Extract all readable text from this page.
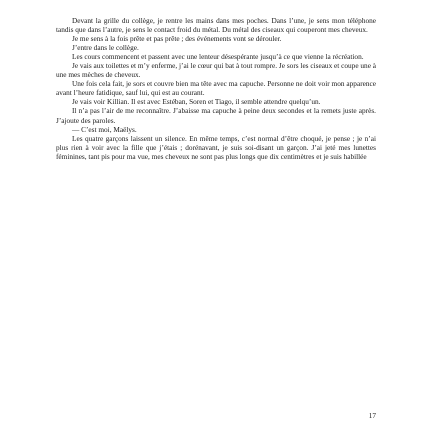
Devant la grille du collège, je rentre les mains dans mes poches. Dans l’une, je sens mon téléphone tandis que dans l’autre, je sens le contact froid du métal. Du métal des ciseaux qui couperont mes cheveux.

Je me sens à la fois prête et pas prête ; des événements vont se dérouler.

J’entre dans le collège.

Les cours commencent et passent avec une lenteur désespérante jusqu’à ce que vienne la récréation.

Je vais aux toilettes et m’y enferme, j’ai le cœur qui bat à tout rompre. Je sors les ciseaux et coupe une à une mes mèches de cheveux.

Une fois cela fait, je sors et couvre bien ma tête avec ma capuche. Personne ne doit voir mon apparence avant l’heure fatidique, sauf lui, qui est au courant.

Je vais voir Killian. Il est avec Estéban, Soren et Tiago, il semble attendre quelqu’un.

Il n’a pas l’air de me reconnaître. J’abaisse ma capuche à peine deux secondes et la remets juste après. J’ajoute des paroles.

— C’est moi, Maëlys.

Les quatre garçons laissent un silence. En même temps, c’est normal d’être choqué, je pense ; je n’ai plus rien à voir avec la fille que j’étais ; dorénavant, je suis soi-disant un garçon. J’ai jeté mes lunettes féminines, tant pis pour ma vue, mes cheveux ne sont pas plus longs que dix centimètres et je suis habillée

17
